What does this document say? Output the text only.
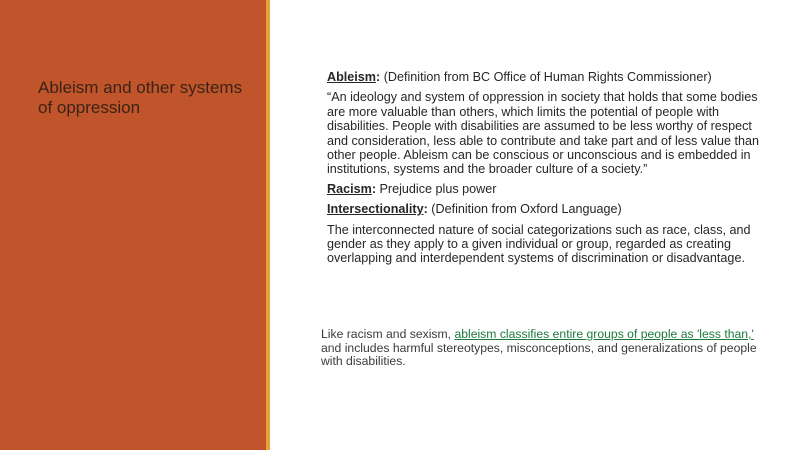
Ableism and other systems of oppression

Ableism: (Definition from BC Office of Human Rights Commissioner)

“An ideology and system of oppression in society that holds that some bodies are more valuable than others, which limits the potential of people with disabilities. People with disabilities are assumed to be less worthy of respect and consideration, less able to contribute and take part and of less value than other people. Ableism can be conscious or unconscious and is embedded in institutions, systems and the broader culture of a society.”

Racism: Prejudice plus power

Intersectionality: (Definition from Oxford Language)

The interconnected nature of social categorizations such as race, class, and gender as they apply to a given individual or group, regarded as creating overlapping and interdependent systems of discrimination or disadvantage.

Like racism and sexism, ableism classifies entire groups of people as 'less than,' and includes harmful stereotypes, misconceptions, and generalizations of people with disabilities.
